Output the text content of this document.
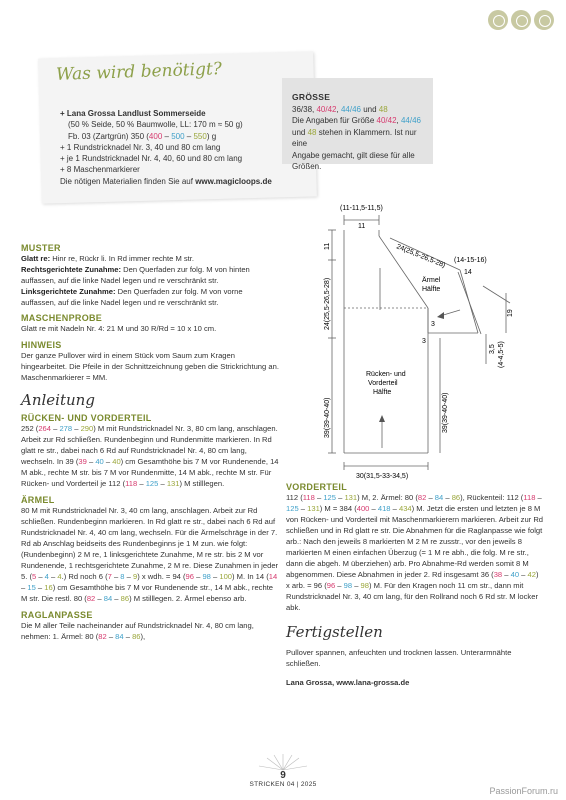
Was wird benötigt?
+ Lana Grossa Landlust Sommerseide
(50 % Seide, 50 % Baumwolle, LL: 170 m ≈ 50 g)
Fb. 03 (Zartgrün) 350 (400 – 500 – 550) g
+ 1 Rundstricknadel Nr. 3, 40 und 80 cm lang
+ je 1 Rundstricknadel Nr. 4, 40, 60 und 80 cm lang
+ 8 Maschenmarkierer
Die nötigen Materialien finden Sie auf www.magicloops.de
GRÖSSE
36/38, 40/42, 44/46 und 48
Die Angaben für Größe 40/42, 44/46
und 48 stehen in Klammern. Ist nur eine
Angabe gemacht, gilt diese für alle Größen.
(11-11,5-11,5)
11
11
24(25,5-26,5-28)
39(39-40-40)
24(25,5-26,5-28) (14-15-16)
14
Ärmel
Hälfte
19
3
3
3,5 (4-4,5-5)
Rücken- und
Vorderteil
Hälfte
39(39-40-40)
30(31,5-33-34,5)
MUSTER
Glatt re: Hinr re, Rückr li. In Rd immer rechte M str.
Rechtsgerichtete Zunahme: Den Querfaden zur folg. M von hinten auffassen, auf die linke Nadel legen und re verschränkt str.
Linksgerichtete Zunahme: Den Querfaden zur folg. M von vorne auffassen, auf die linke Nadel legen und re verschränkt str.
MASCHENPROBE
Glatt re mit Nadeln Nr. 4: 21 M und 30 R/Rd = 10 x 10 cm.
HINWEIS
Der ganze Pullover wird in einem Stück vom Saum zum Kragen hingearbeitet. Die Pfeile in der Schnittzeichnung geben die Strickrichtung an. Maschenmarkierer = MM.
Anleitung
RÜCKEN- UND VORDERTEIL
252 (264 – 278 – 290) M mit Rundstricknadel Nr. 3, 80 cm lang, anschlagen. Arbeit zur Rd schließen. Rundenbeginn und Rundenmitte markieren. In Rd glatt re str., dabei nach 6 Rd auf Rundstricknadel Nr. 4, 80 cm lang, wechseln. In 39 (39 – 40 – 40) cm Gesamthöhe bis 7 M vor Rundenende, 14 M abk., rechte M str. bis 7 M vor Rundenmitte, 14 M abk., rechte M str. Für Rücken- und Vorderteil je 112 (118 – 125 – 131) M stilllegen.
ÄRMEL
80 M mit Rundstricknadel Nr. 3, 40 cm lang, anschlagen. Arbeit zur Rd schließen. Rundenbeginn markieren. In Rd glatt re str., dabei nach 6 Rd auf Rundstricknadel Nr. 4, 40 cm lang, wechseln. Für die Ärmelschräge in der 7. Rd ab Anschlag beidseits des Rundenbeginns je 1 M zun. wie folgt: (Rundenbeginn) 2 M re, 1 linksgerichtete Zunahme, M re str. bis 2 M vor Rundenende, 1 rechtsgerichtete Zunahme, 2 M re. Diese Zunahmen in jeder 5. (5 – 4 – 4.) Rd noch 6 (7 – 8 – 9) x wdh. = 94 (96 – 98 – 100) M. In 14 (14 – 15 – 16) cm Gesamthöhe bis 7 M vor Rundenende str., 14 M abk., rechte M str. Die restl. 80 (82 – 84 – 86) M stilllegen. 2. Ärmel ebenso arb.
RAGLANPASSE
Die M aller Teile nacheinander auf Rundstricknadel Nr. 4, 80 cm lang, nehmen: 1. Ärmel: 80 (82 – 84 – 86),
VORDERTEIL
112 (118 – 125 – 131) M, 2. Ärmel: 80 (82 – 84 – 86), Rückenteil: 112 (118 – 125 – 131) M = 384 (400 – 418 – 434) M. Jetzt die ersten und letzten je 8 M von Rücken- und Vorderteil mit Maschenmarkierern markieren. Arbeit zur Rd schließen und in Rd glatt re str. Die Abnahmen für die Raglanpasse wie folgt arb.: Nach den jeweils 8 markierten M 2 M re zusstr., vor den jeweils 8 markierten M einen einfachen Überzug (= 1 M re abh., die folg. M re str., dann die abgeh. M überziehen) arb. Pro Abnahme-Rd werden somit 8 M abgenommen. Diese Abnahmen in jeder 2. Rd insgesamt 36 (38 – 40 – 42) x arb. = 96 (96 – 98 – 98) M. Für den Kragen noch 11 cm str., dann mit Rundstricknadel Nr. 3, 40 cm lang, für den Rollrand noch 6 Rd str. M locker abk.
Fertigstellen
Pullover spannen, anfeuchten und trocknen lassen. Unterarmnähte schließen.
Lana Grossa, www.lana-grossa.de
9
STRICKEN 04 | 2025
PassionForum.ru
